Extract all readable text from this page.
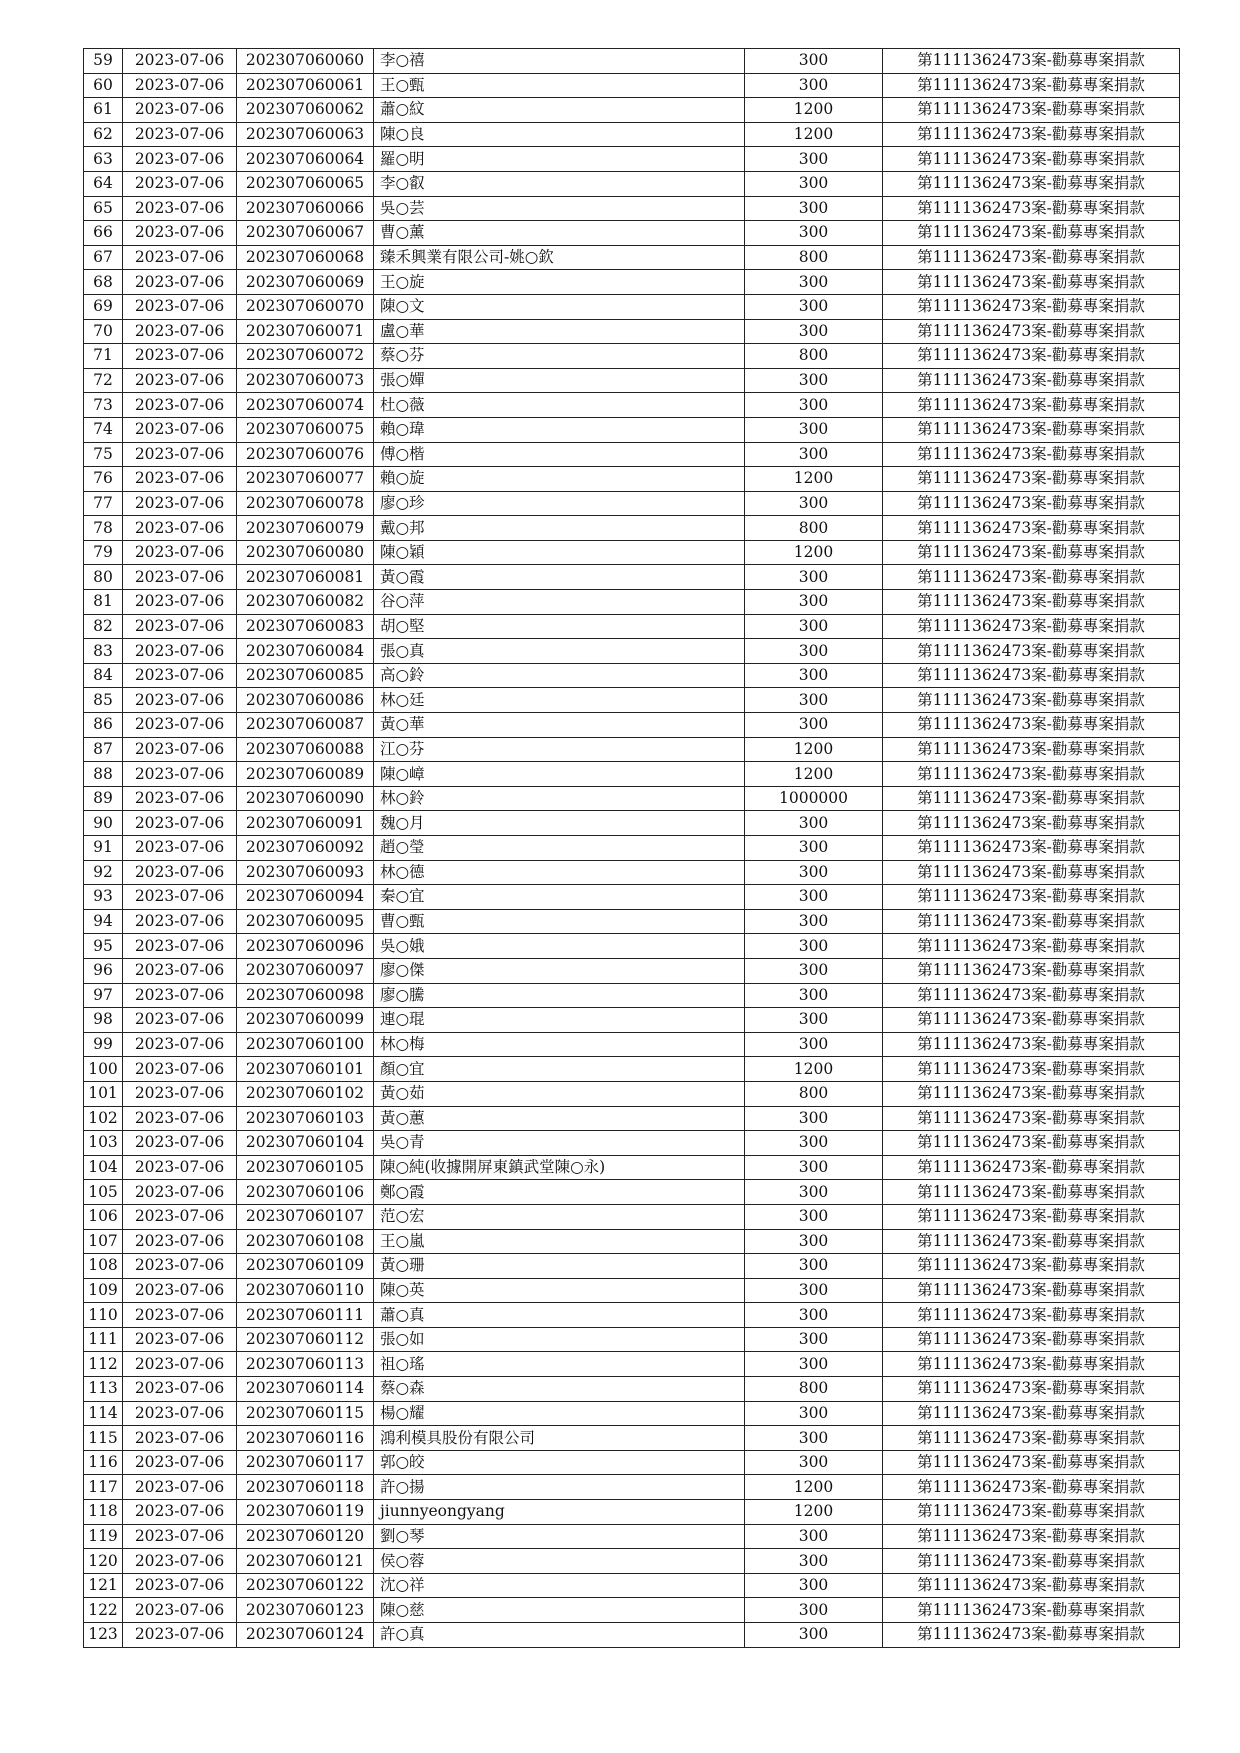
59	2023-07-06	202307060060	李○禧	300	第1111362473案-勸募專案捐款
60	2023-07-06	202307060061	王○甄	300	第1111362473案-勸募專案捐款
61	2023-07-06	202307060062	蕭○紋	1200	第1111362473案-勸募專案捐款
62	2023-07-06	202307060063	陳○良	1200	第1111362473案-勸募專案捐款
63	2023-07-06	202307060064	羅○明	300	第1111362473案-勸募專案捐款
64	2023-07-06	202307060065	李○叡	300	第1111362473案-勸募專案捐款
65	2023-07-06	202307060066	吳○芸	300	第1111362473案-勸募專案捐款
66	2023-07-06	202307060067	曹○薰	300	第1111362473案-勸募專案捐款
67	2023-07-06	202307060068	臻禾興業有限公司-姚○欽	800	第1111362473案-勸募專案捐款
68	2023-07-06	202307060069	王○旋	300	第1111362473案-勸募專案捐款
69	2023-07-06	202307060070	陳○文	300	第1111362473案-勸募專案捐款
70	2023-07-06	202307060071	盧○華	300	第1111362473案-勸募專案捐款
71	2023-07-06	202307060072	蔡○芬	800	第1111362473案-勸募專案捐款
72	2023-07-06	202307060073	張○嬋	300	第1111362473案-勸募專案捐款
73	2023-07-06	202307060074	杜○薇	300	第1111362473案-勸募專案捐款
74	2023-07-06	202307060075	賴○瑋	300	第1111362473案-勸募專案捐款
75	2023-07-06	202307060076	傅○楷	300	第1111362473案-勸募專案捐款
76	2023-07-06	202307060077	賴○旋	1200	第1111362473案-勸募專案捐款
77	2023-07-06	202307060078	廖○珍	300	第1111362473案-勸募專案捐款
78	2023-07-06	202307060079	戴○邦	800	第1111362473案-勸募專案捐款
79	2023-07-06	202307060080	陳○穎	1200	第1111362473案-勸募專案捐款
80	2023-07-06	202307060081	黃○霞	300	第1111362473案-勸募專案捐款
81	2023-07-06	202307060082	谷○萍	300	第1111362473案-勸募專案捐款
82	2023-07-06	202307060083	胡○堅	300	第1111362473案-勸募專案捐款
83	2023-07-06	202307060084	張○真	300	第1111362473案-勸募專案捐款
84	2023-07-06	202307060085	高○鈴	300	第1111362473案-勸募專案捐款
85	2023-07-06	202307060086	林○廷	300	第1111362473案-勸募專案捐款
86	2023-07-06	202307060087	黃○華	300	第1111362473案-勸募專案捐款
87	2023-07-06	202307060088	江○芬	1200	第1111362473案-勸募專案捐款
88	2023-07-06	202307060089	陳○嶂	1200	第1111362473案-勸募專案捐款
89	2023-07-06	202307060090	林○鈴	1000000	第1111362473案-勸募專案捐款
90	2023-07-06	202307060091	魏○月	300	第1111362473案-勸募專案捐款
91	2023-07-06	202307060092	趙○瑩	300	第1111362473案-勸募專案捐款
92	2023-07-06	202307060093	林○德	300	第1111362473案-勸募專案捐款
93	2023-07-06	202307060094	秦○宜	300	第1111362473案-勸募專案捐款
94	2023-07-06	202307060095	曹○甄	300	第1111362473案-勸募專案捐款
95	2023-07-06	202307060096	吳○娥	300	第1111362473案-勸募專案捐款
96	2023-07-06	202307060097	廖○傑	300	第1111362473案-勸募專案捐款
97	2023-07-06	202307060098	廖○騰	300	第1111362473案-勸募專案捐款
98	2023-07-06	202307060099	連○琨	300	第1111362473案-勸募專案捐款
99	2023-07-06	202307060100	林○梅	300	第1111362473案-勸募專案捐款
100	2023-07-06	202307060101	顏○宜	1200	第1111362473案-勸募專案捐款
101	2023-07-06	202307060102	黃○茹	800	第1111362473案-勸募專案捐款
102	2023-07-06	202307060103	黃○蕙	300	第1111362473案-勸募專案捐款
103	2023-07-06	202307060104	吳○青	300	第1111362473案-勸募專案捐款
104	2023-07-06	202307060105	陳○純(收據開屏東鎮武堂陳○永)	300	第1111362473案-勸募專案捐款
105	2023-07-06	202307060106	鄭○霞	300	第1111362473案-勸募專案捐款
106	2023-07-06	202307060107	范○宏	300	第1111362473案-勸募專案捐款
107	2023-07-06	202307060108	王○嵐	300	第1111362473案-勸募專案捐款
108	2023-07-06	202307060109	黃○珊	300	第1111362473案-勸募專案捐款
109	2023-07-06	202307060110	陳○英	300	第1111362473案-勸募專案捐款
110	2023-07-06	202307060111	蕭○真	300	第1111362473案-勸募專案捐款
111	2023-07-06	202307060112	張○如	300	第1111362473案-勸募專案捐款
112	2023-07-06	202307060113	祖○瑤	300	第1111362473案-勸募專案捐款
113	2023-07-06	202307060114	蔡○森	800	第1111362473案-勸募專案捐款
114	2023-07-06	202307060115	楊○耀	300	第1111362473案-勸募專案捐款
115	2023-07-06	202307060116	鴻利模具股份有限公司	300	第1111362473案-勸募專案捐款
116	2023-07-06	202307060117	郭○皎	300	第1111362473案-勸募專案捐款
117	2023-07-06	202307060118	許○揚	1200	第1111362473案-勸募專案捐款
118	2023-07-06	202307060119	jiunnyeongyang	1200	第1111362473案-勸募專案捐款
119	2023-07-06	202307060120	劉○琴	300	第1111362473案-勸募專案捐款
120	2023-07-06	202307060121	侯○蓉	300	第1111362473案-勸募專案捐款
121	2023-07-06	202307060122	沈○祥	300	第1111362473案-勸募專案捐款
122	2023-07-06	202307060123	陳○慈	300	第1111362473案-勸募專案捐款
123	2023-07-06	202307060124	許○真	300	第1111362473案-勸募專案捐款
